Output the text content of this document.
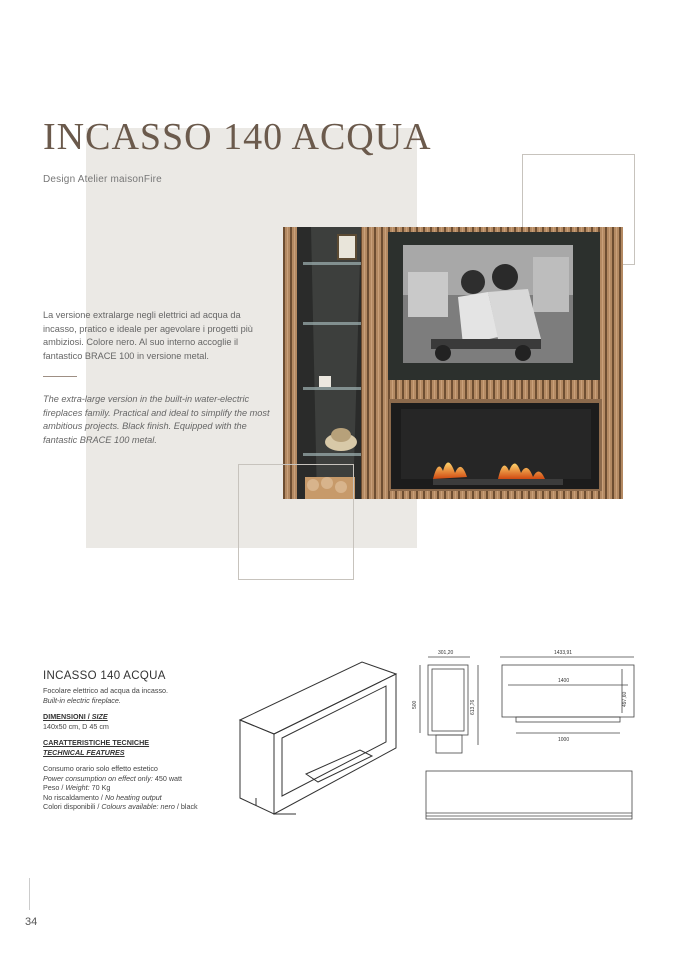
INCASSO 140 ACQUA
Design Atelier maisonFire
La versione extralarge negli elettrici ad acqua da incasso, pratico e ideale per agevolare i progetti più ambiziosi. Colore nero. Al suo interno accoglie il fantastico BRACE 100 in versione metal.
The extra-large version in the built-in water-electric fireplaces family. Practical and ideal to simplify the most ambitious projects. Black finish. Equipped with the fantastic BRACE 100 metal.
INCASSO 140 ACQUA
Focolare elettrico ad acqua da incasso.
Built-in electric fireplace.
DIMENSIONI / SIZE
140x50 cm, D 45 cm
CARATTERISTICHE TECNICHE
TECHNICAL FEATURES
Consumo orario solo effetto estetico
Power consumption on effect only: 450 watt
Peso / Weight: 70 Kg
No riscaldamento / No heating output
Colori disponibili / Colours available: nero / black
301,20
500	613,76
1433,91
1400
497,60
1000
34
